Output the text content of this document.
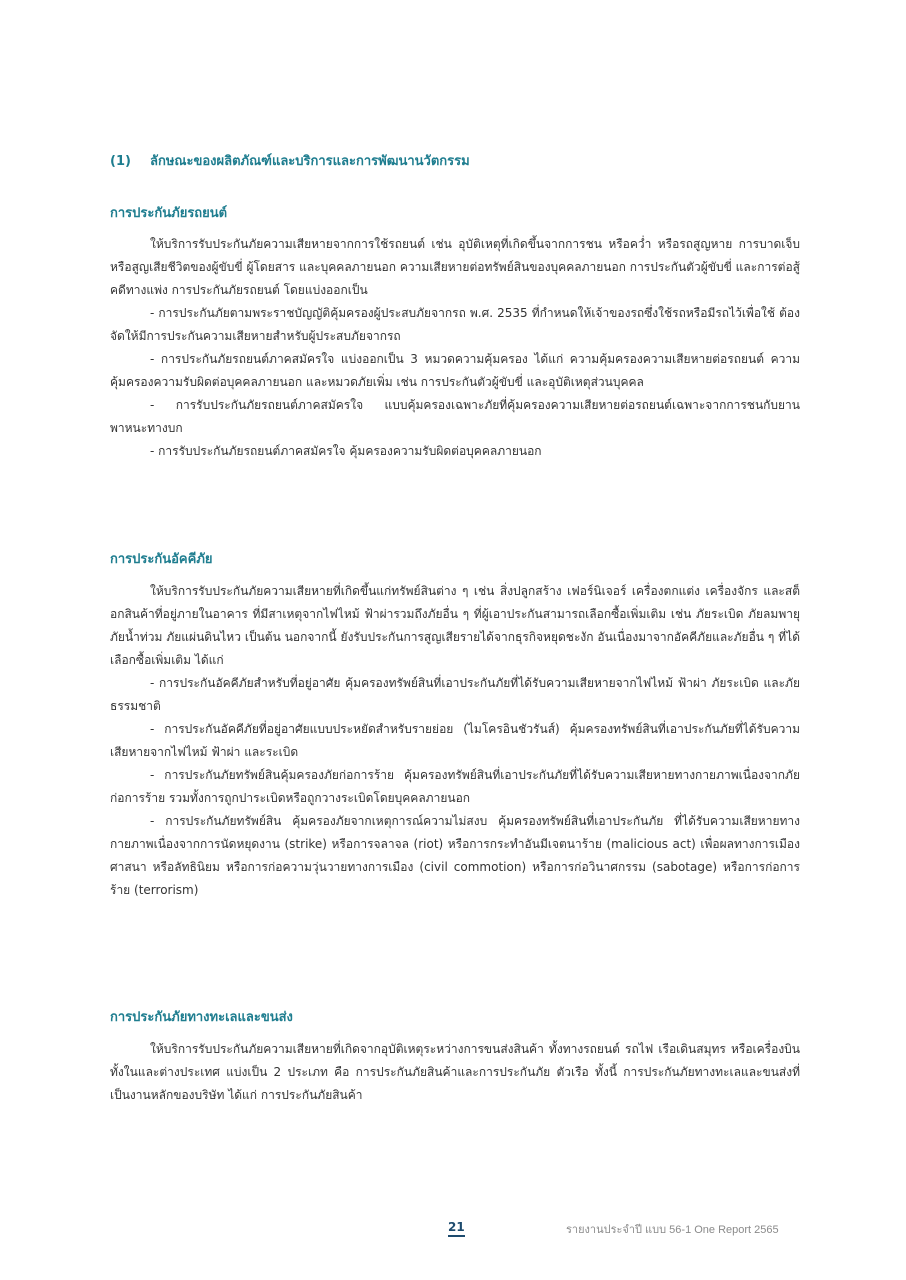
(1) ลักษณะของผลิตภัณฑ์และบริการและการพัฒนานวัตกรรม
การประกันภัยรถยนต์

ให้บริการรับประกันภัยความเสียหายจากการใช้รถยนต์ เช่น อุบัติเหตุที่เกิดขึ้นจากการชน หรือคว่ำ หรือรถสูญหาย การบาดเจ็บหรือสูญเสียชีวิตของผู้ขับขี่ ผู้โดยสาร และบุคคลภายนอก ความเสียหายต่อทรัพย์สินของบุคคลภายนอก การประกันตัวผู้ขับขี่ และการต่อสู้คดีทางแพ่ง การประกันภัยรถยนต์ โดยแบ่งออกเป็น

- การประกันภัยตามพระราชบัญญัติคุ้มครองผู้ประสบภัยจากรถ พ.ศ. 2535 ที่กำหนดให้เจ้าของรถซึ่งใช้รถหรือมีรถไว้เพื่อใช้ ต้องจัดให้มีการประกันความเสียหายสำหรับผู้ประสบภัยจากรถ

- การประกันภัยรถยนต์ภาคสมัครใจ แบ่งออกเป็น 3 หมวดความคุ้มครอง ได้แก่ ความคุ้มครองความเสียหายต่อรถยนต์ ความคุ้มครองความรับผิดต่อบุคคลภายนอก และหมวดภัยเพิ่ม เช่น การประกันตัวผู้ขับขี่ และอุบัติเหตุส่วนบุคคล

- การรับประกันภัยรถยนต์ภาคสมัครใจ แบบคุ้มครองเฉพาะภัยที่คุ้มครองความเสียหายต่อรถยนต์เฉพาะจากการชนกับยานพาหนะทางบก

- การรับประกันภัยรถยนต์ภาคสมัครใจ คุ้มครองความรับผิดต่อบุคคลภายนอก

การประกันอัคคีภัย

ให้บริการรับประกันภัยความเสียหายที่เกิดขึ้นแก่ทรัพย์สินต่าง ๆ เช่น สิ่งปลูกสร้าง เฟอร์นิเจอร์ เครื่องตกแต่ง เครื่องจักร และสต็อกสินค้าที่อยู่ภายในอาคาร ที่มีสาเหตุจากไฟไหม้ ฟ้าผ่ารวมถึงภัยอื่น ๆ ที่ผู้เอาประกันสามารถเลือกซื้อเพิ่มเติม เช่น ภัยระเบิด ภัยลมพายุ ภัยน้ำท่วม ภัยแผ่นดินไหว เป็นต้น นอกจากนี้ ยังรับประกันการสูญเสียรายได้จากธุรกิจหยุดชะงัก อันเนื่องมาจากอัคคีภัยและภัยอื่น ๆ ที่ได้เลือกซื้อเพิ่มเติม ได้แก่

- การประกันอัคคีภัยสำหรับที่อยู่อาศัย คุ้มครองทรัพย์สินที่เอาประกันภัยที่ได้รับความเสียหายจากไฟไหม้ ฟ้าผ่า ภัยระเบิด และภัยธรรมชาติ

- การประกันอัคคีภัยที่อยู่อาศัยแบบประหยัดสำหรับรายย่อย (ไมโครอินชัวรันส์) คุ้มครองทรัพย์สินที่เอาประกันภัยที่ได้รับความเสียหายจากไฟไหม้ ฟ้าผ่า และระเบิด

- การประกันภัยทรัพย์สินคุ้มครองภัยก่อการร้าย คุ้มครองทรัพย์สินที่เอาประกันภัยที่ได้รับความเสียหายทางกายภาพเนื่องจากภัยก่อการร้าย รวมทั้งการถูกปาระเบิดหรือถูกวางระเบิดโดยบุคคลภายนอก

- การประกันภัยทรัพย์สิน คุ้มครองภัยจากเหตุการณ์ความไม่สงบ คุ้มครองทรัพย์สินที่เอาประกันภัย ที่ได้รับความเสียหายทางกายภาพเนื่องจากการนัดหยุดงาน (strike) หรือการจลาจล (riot) หรือการกระทำอันมีเจตนาร้าย (malicious act) เพื่อผลทางการเมือง ศาสนา หรือลัทธินิยม หรือการก่อความวุ่นวายทางการเมือง (civil commotion) หรือการก่อวินาศกรรม (sabotage) หรือการก่อการร้าย (terrorism)

การประกันภัยทางทะเลและขนส่ง

ให้บริการรับประกันภัยความเสียหายที่เกิดจากอุบัติเหตุระหว่างการขนส่งสินค้า ทั้งทางรถยนต์ รถไฟ เรือเดินสมุทร หรือเครื่องบิน ทั้งในและต่างประเทศ แบ่งเป็น 2 ประเภท คือ การประกันภัยสินค้าและการประกันภัย ตัวเรือ ทั้งนี้ การประกันภัยทางทะเลและขนส่งที่เป็นงานหลักของบริษัท ได้แก่ การประกันภัยสินค้า

21	รายงานประจำปี แบบ 56-1 One Report 2565
